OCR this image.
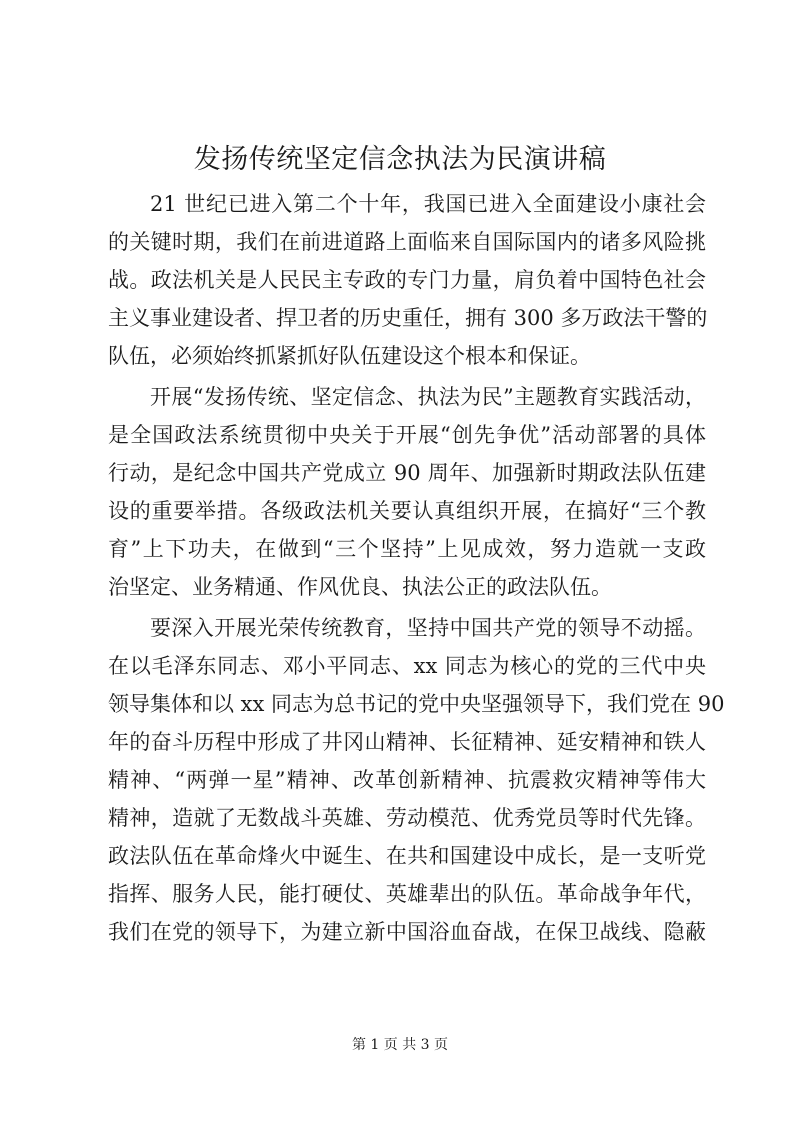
发扬传统坚定信念执法为民演讲稿
21 世纪已进入第二个十年，我国已进入全面建设小康社会
的关键时期，我们在前进道路上面临来自国际国内的诸多风险挑
战。政法机关是人民民主专政的专门力量，肩负着中国特色社会
主义事业建设者、捍卫者的历史重任，拥有 300 多万政法干警的
队伍，必须始终抓紧抓好队伍建设这个根本和保证。
开展“发扬传统、坚定信念、执法为民”主题教育实践活动，
是全国政法系统贯彻中央关于开展“创先争优”活动部署的具体
行动，是纪念中国共产党成立 90 周年、加强新时期政法队伍建
设的重要举措。各级政法机关要认真组织开展，在搞好“三个教
育”上下功夫，在做到“三个坚持”上见成效，努力造就一支政
治坚定、业务精通、作风优良、执法公正的政法队伍。
要深入开展光荣传统教育，坚持中国共产党的领导不动摇。
在以毛泽东同志、邓小平同志、xx 同志为核心的党的三代中央
领导集体和以 xx 同志为总书记的党中央坚强领导下，我们党在 90
年的奋斗历程中形成了井冈山精神、长征精神、延安精神和铁人
精神、“两弹一星”精神、改革创新精神、抗震救灾精神等伟大
精神，造就了无数战斗英雄、劳动模范、优秀党员等时代先锋。
政法队伍在革命烽火中诞生、在共和国建设中成长，是一支听党
指挥、服务人民，能打硬仗、英雄辈出的队伍。革命战争年代，
我们在党的领导下，为建立新中国浴血奋战，在保卫战线、隐蔽
第 1 页 共 3 页
